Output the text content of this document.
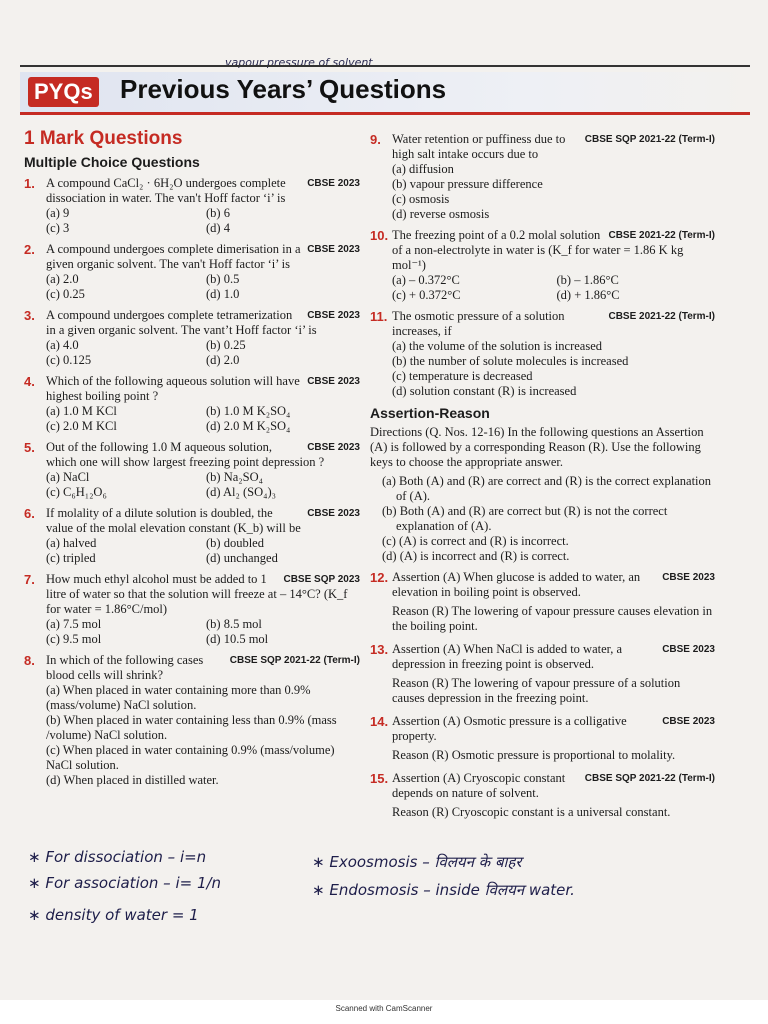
vapour pressure of solvent
PYQs Previous Years’ Questions
1 Mark Questions
Multiple Choice Questions
1.	CBSE 2023
A compound CaCl₂ · 6H₂O undergoes complete dissociation in water. The van't Hoff factor ‘i’ is
(a) 9	(b) 6
(c) 3	(d) 4
2.	CBSE 2023
A compound undergoes complete dimerisation in a given organic solvent. The van't Hoff factor ‘i’ is
(a) 2.0	(b) 0.5
(c) 0.25	(d) 1.0
3.	CBSE 2023
A compound undergoes complete tetramerization in a given organic solvent. The vant’t Hoff factor ‘i’ is
(a) 4.0	(b) 0.25
(c) 0.125	(d) 2.0
4.	CBSE 2023
Which of the following aqueous solution will have highest boiling point ?
(a) 1.0 M KCl	(b) 1.0 M K₂SO₄
(c) 2.0 M KCl	(d) 2.0 M K₂SO₄
5.	CBSE 2023
Out of the following 1.0 M aqueous solution, which one will show largest freezing point depression ?
(a) NaCl	(b) Na₂SO₄
(c) C₆H₁₂O₆	(d) Al₂ (SO₄)₃
6.	CBSE 2023
If molality of a dilute solution is doubled, the value of the molal elevation constant (K_b) will be
(a) halved	(b) doubled
(c) tripled	(d) unchanged
7.	CBSE SQP 2023
How much ethyl alcohol must be added to 1 litre of water so that the solution will freeze at – 14°C? (K_f for water = 1.86°C/mol)
(a) 7.5 mol	(b) 8.5 mol
(c) 9.5 mol	(d) 10.5 mol
8.	CBSE SQP 2021-22 (Term-I)
In which of the following cases blood cells will shrink?
(a) When placed in water containing more than 0.9% (mass/volume) NaCl solution.
(b) When placed in water containing less than 0.9% (mass /volume) NaCl solution.
(c) When placed in water containing 0.9% (mass/volume) NaCl solution.
(d) When placed in distilled water.
9.	CBSE SQP 2021-22 (Term-I)
Water retention or puffiness due to high salt intake occurs due to
(a) diffusion
(b) vapour pressure difference
(c) osmosis
(d) reverse osmosis
10.	CBSE 2021-22 (Term-I)
The freezing point of a 0.2 molal solution of a non-electrolyte in water is (K_f for water = 1.86 K kg mol⁻¹)
(a) – 0.372°C	(b) – 1.86°C
(c) + 0.372°C	(d) + 1.86°C
11.	CBSE 2021-22 (Term-I)
The osmotic pressure of a solution increases, if
(a) the volume of the solution is increased
(b) the number of solute molecules is increased
(c) temperature is decreased
(d) solution constant (R) is increased
Assertion-Reason
Directions (Q. Nos. 12-16) In the following questions an Assertion (A) is followed by a corresponding Reason (R). Use the following keys to choose the appropriate answer.
(a) Both (A) and (R) are correct and (R) is the correct explanation of (A).
(b) Both (A) and (R) are correct but (R) is not the correct explanation of (A).
(c) (A) is correct and (R) is incorrect.
(d) (A) is incorrect and (R) is correct.
12.	CBSE 2023
Assertion (A) When glucose is added to water, an elevation in boiling point is observed.
Reason (R) The lowering of vapour pressure causes elevation in the boiling point.
13.	CBSE 2023
Assertion (A) When NaCl is added to water, a depression in freezing point is observed.
Reason (R) The lowering of vapour pressure of a solution causes depression in the freezing point.
14.	CBSE 2023
Assertion (A) Osmotic pressure is a colligative property.
Reason (R) Osmotic pressure is proportional to molality.
15.	CBSE SQP 2021-22 (Term-I)
Assertion (A) Cryoscopic constant depends on nature of solvent.
Reason (R) Cryoscopic constant is a universal constant.
∗ For dissociation – i=n
∗ For association – i= 1/n
∗ density of water = 1
∗ Exoosmosis – विलयन के बाहर
∗ Endosmosis – inside विलयन water.
Scanned with CamScanner
